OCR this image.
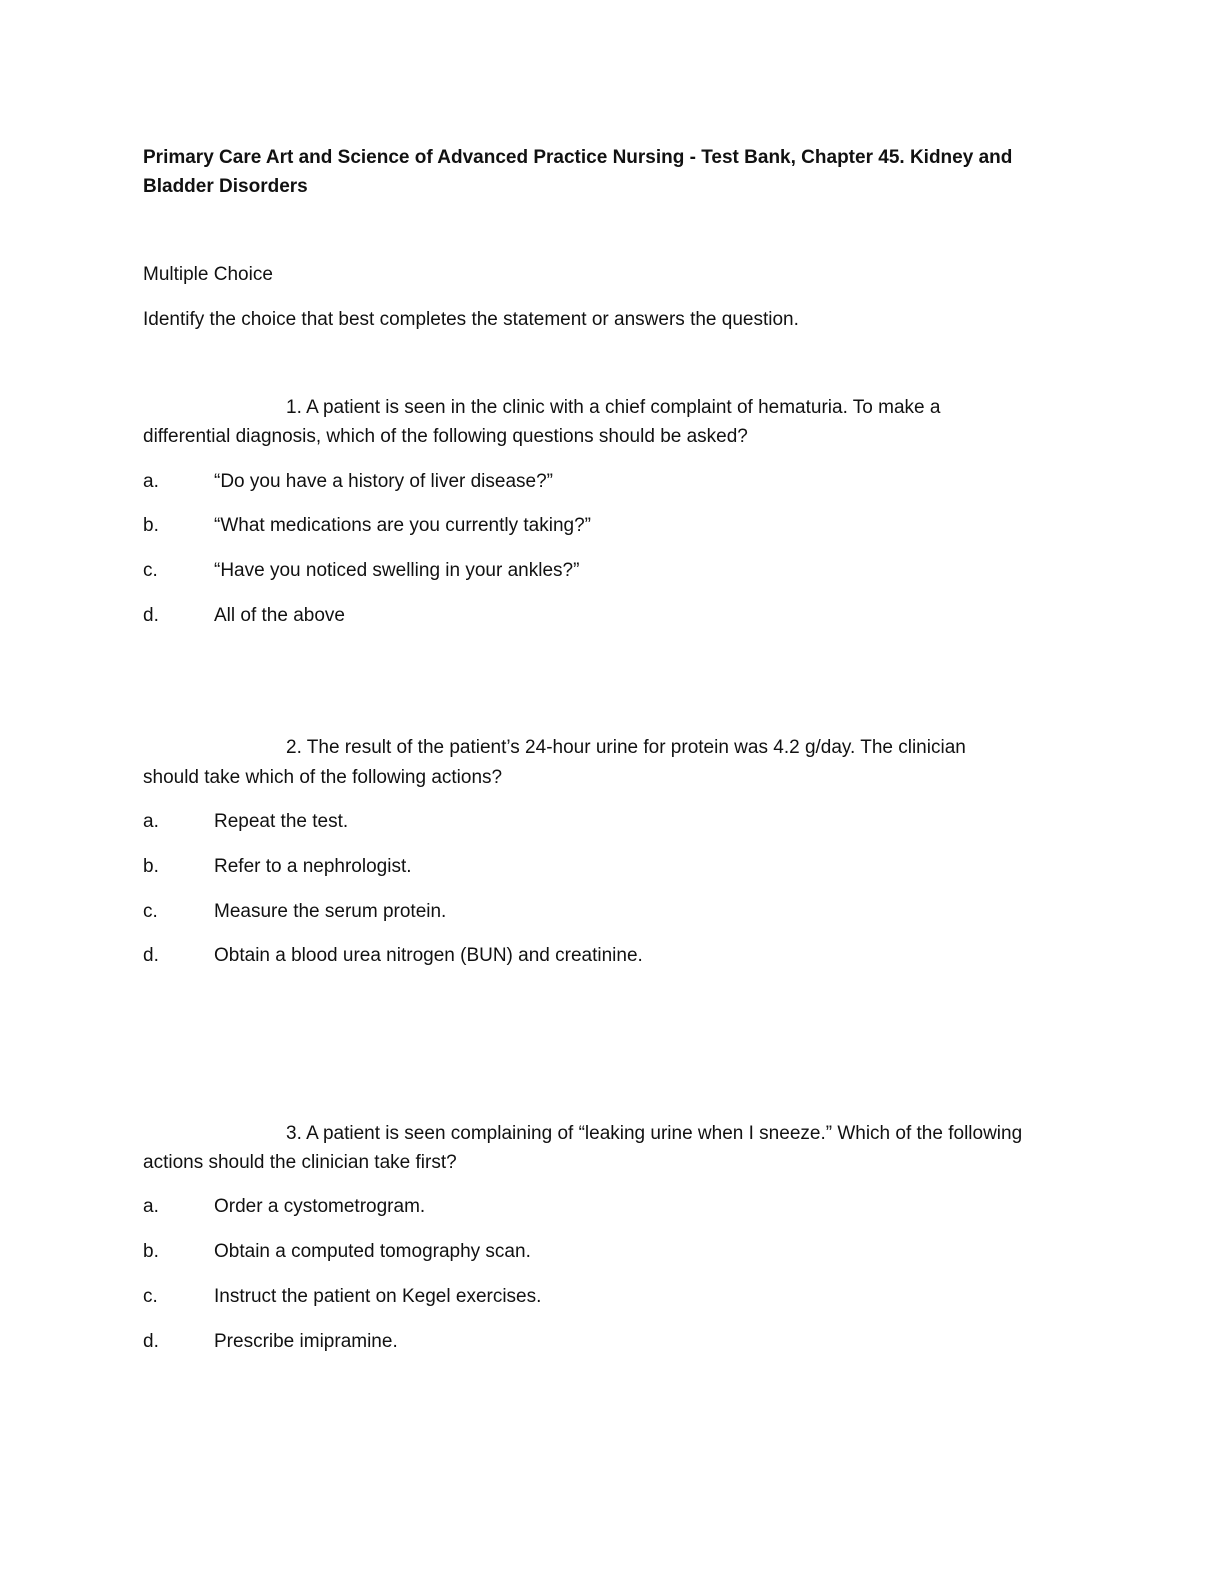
Primary Care Art and Science of Advanced Practice Nursing - Test Bank, Chapter 45. Kidney and
Bladder Disorders
Multiple Choice
Identify the choice that best completes the statement or answers the question.
1. A patient is seen in the clinic with a chief complaint of hematuria. To make a
differential diagnosis, which of the following questions should be asked?
a.	“Do you have a history of liver disease?”
b.	“What medications are you currently taking?”
c.	“Have you noticed swelling in your ankles?”
d.	All of the above
2. The result of the patient’s 24-hour urine for protein was 4.2 g/day. The clinician
should take which of the following actions?
a.	Repeat the test.
b.	Refer to a nephrologist.
c.	Measure the serum protein.
d.	Obtain a blood urea nitrogen (BUN) and creatinine.
3. A patient is seen complaining of “leaking urine when I sneeze.” Which of the following
actions should the clinician take first?
a.	Order a cystometrogram.
b.	Obtain a computed tomography scan.
c.	Instruct the patient on Kegel exercises.
d.	Prescribe imipramine.
